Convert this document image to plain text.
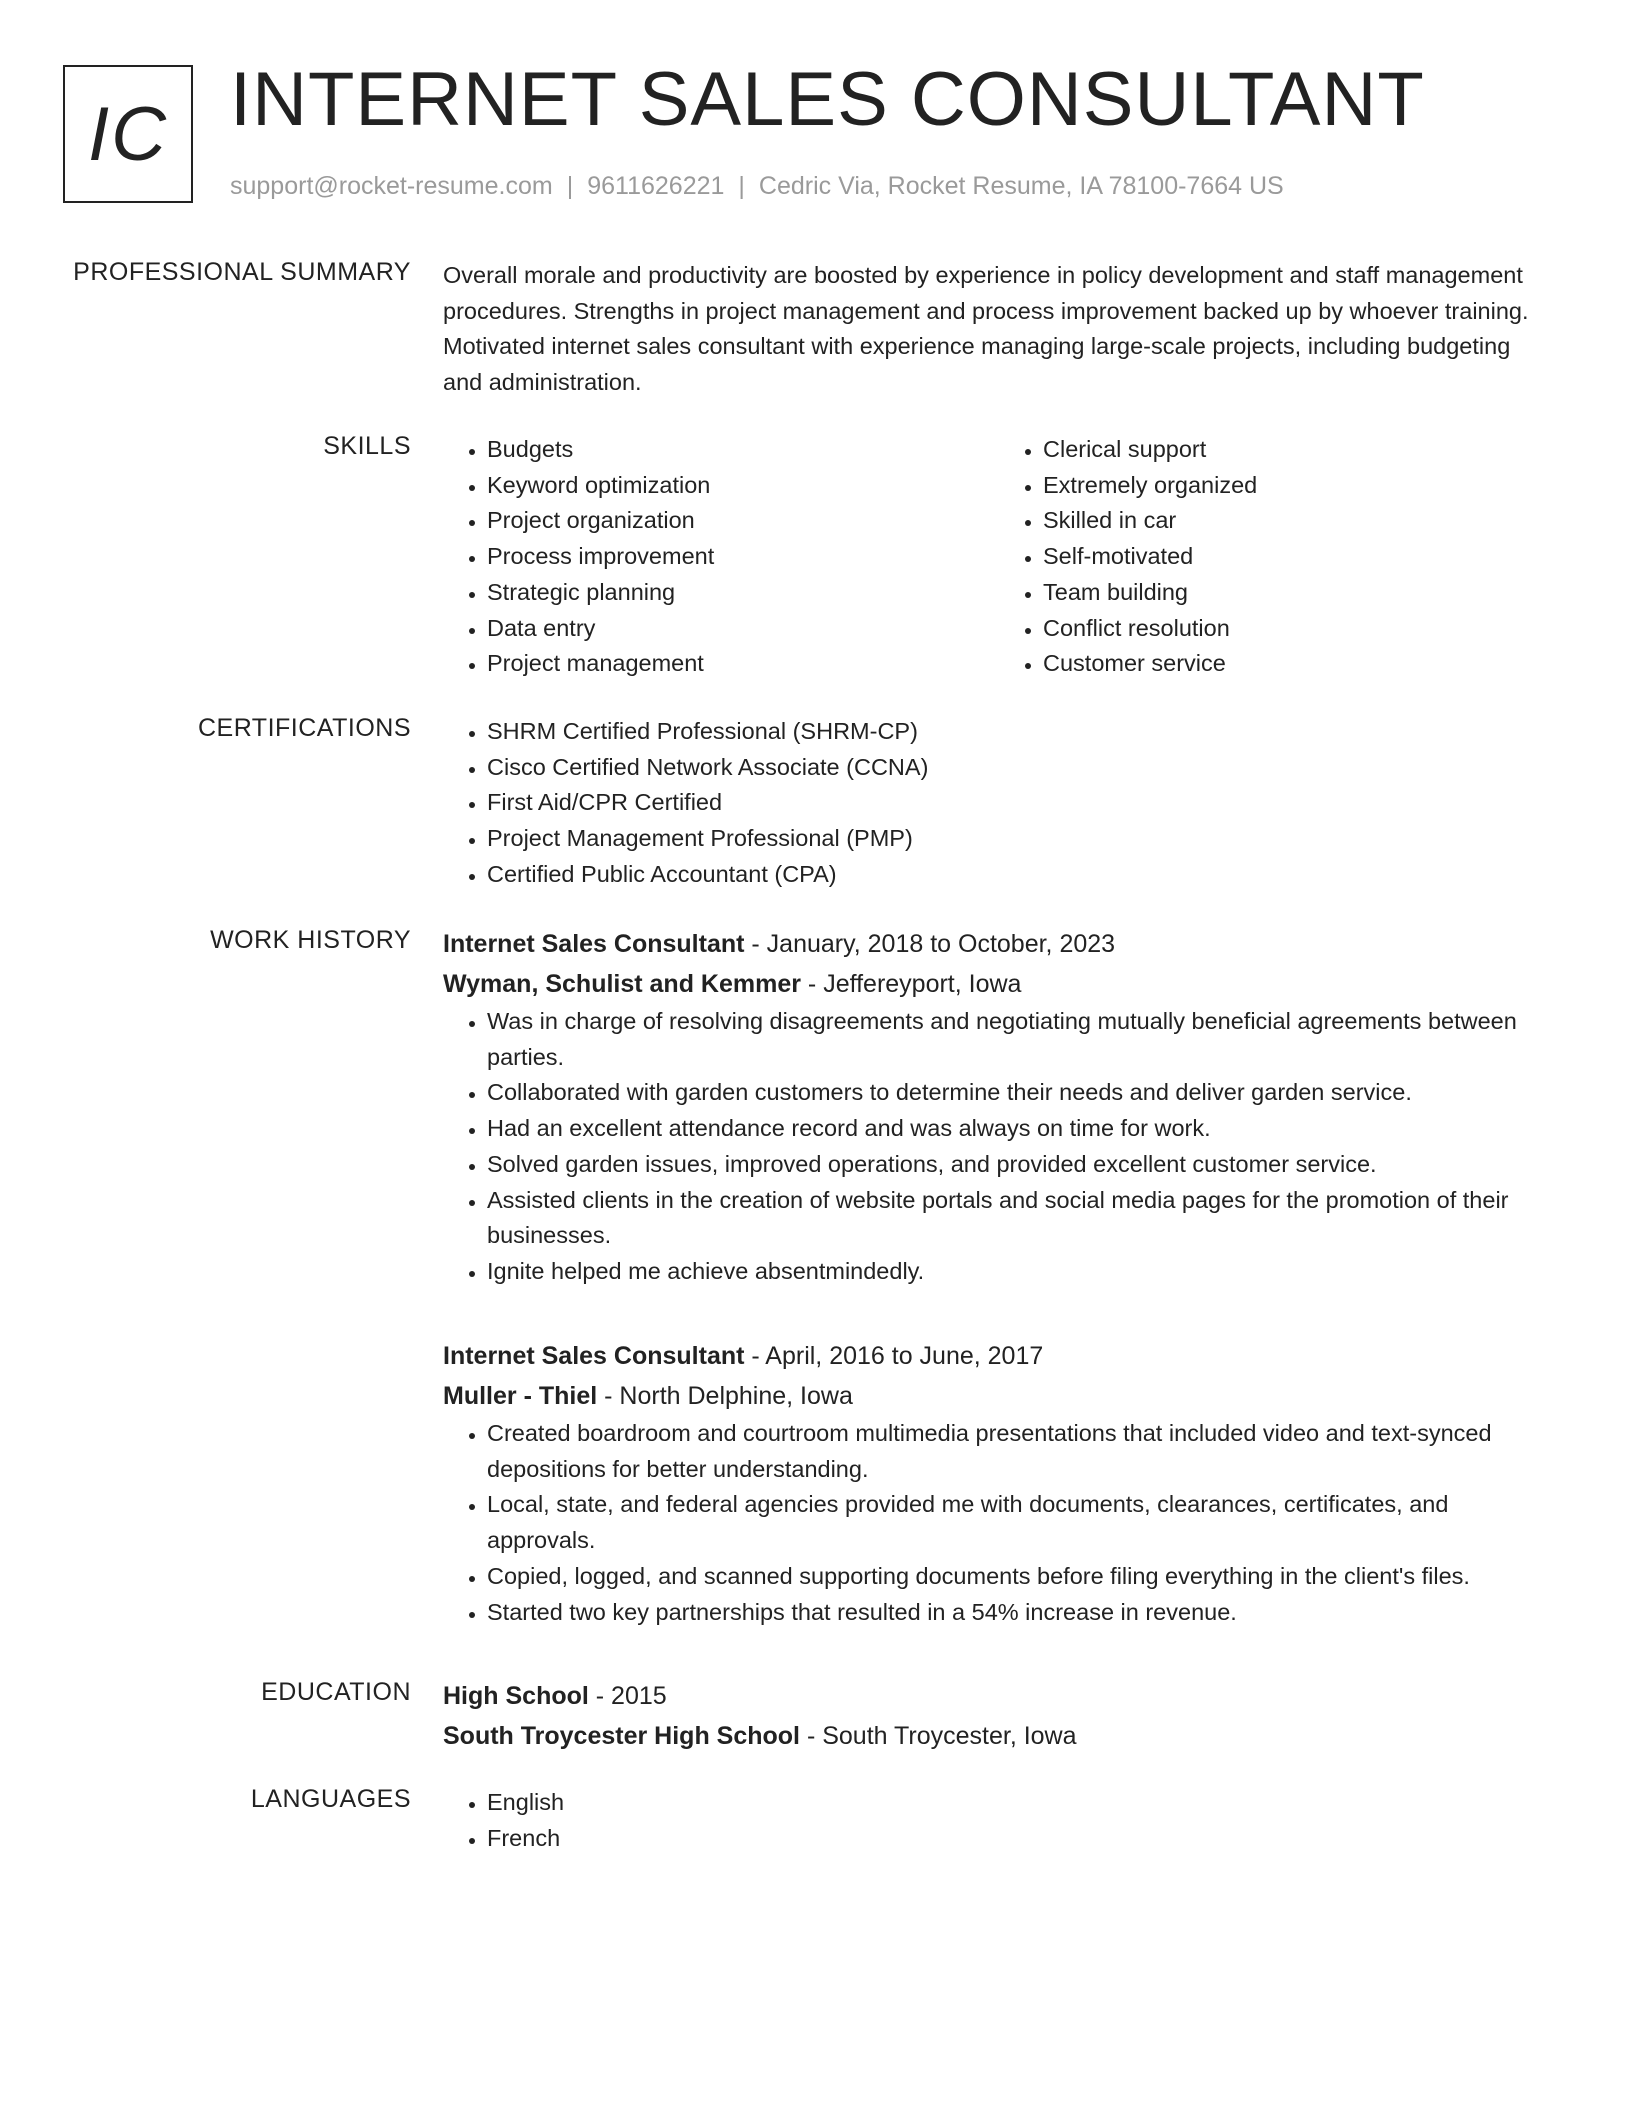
IC INTERNET SALES CONSULTANT
support@rocket-resume.com | 9611626221 | Cedric Via, Rocket Resume, IA 78100-7664 US
PROFESSIONAL SUMMARY Overall morale and productivity are boosted by experience in policy development and staff management procedures. Strengths in project management and process improvement backed up by whoever training. Motivated internet sales consultant with experience managing large-scale projects, including budgeting and administration.

SKILLS	• Budgets
• Keyword optimization
• Project organization
• Process improvement
• Strategic planning
• Data entry
• Project management
• Clerical support
• Extremely organized
• Skilled in car
• Self-motivated
• Team building
• Conflict resolution
• Customer service
CERTIFICATIONS	• SHRM Certified Professional (SHRM-CP)
• Cisco Certified Network Associate (CCNA)
• First Aid/CPR Certified
• Project Management Professional (PMP)
• Certified Public Accountant (CPA)
WORK HISTORY Internet Sales Consultant - January, 2018 to October, 2023
Wyman, Schulist and Kemmer - Jeffereyport, Iowa
• Was in charge of resolving disagreements and negotiating mutually beneficial agreements between parties.
• Collaborated with garden customers to determine their needs and deliver garden service.
• Had an excellent attendance record and was always on time for work.
• Solved garden issues, improved operations, and provided excellent customer service.
• Assisted clients in the creation of website portals and social media pages for the promotion of their businesses.
• Ignite helped me achieve absentmindedly.
Internet Sales Consultant - April, 2016 to June, 2017
Muller - Thiel - North Delphine, Iowa
• Created boardroom and courtroom multimedia presentations that included video and text-synced depositions for better understanding.
• Local, state, and federal agencies provided me with documents, clearances, certificates, and approvals.
• Copied, logged, and scanned supporting documents before filing everything in the client's files.
• Started two key partnerships that resulted in a 54% increase in revenue.
EDUCATION High School - 2015
South Troycester High School - South Troycester, Iowa
LANGUAGES	• English
• French
